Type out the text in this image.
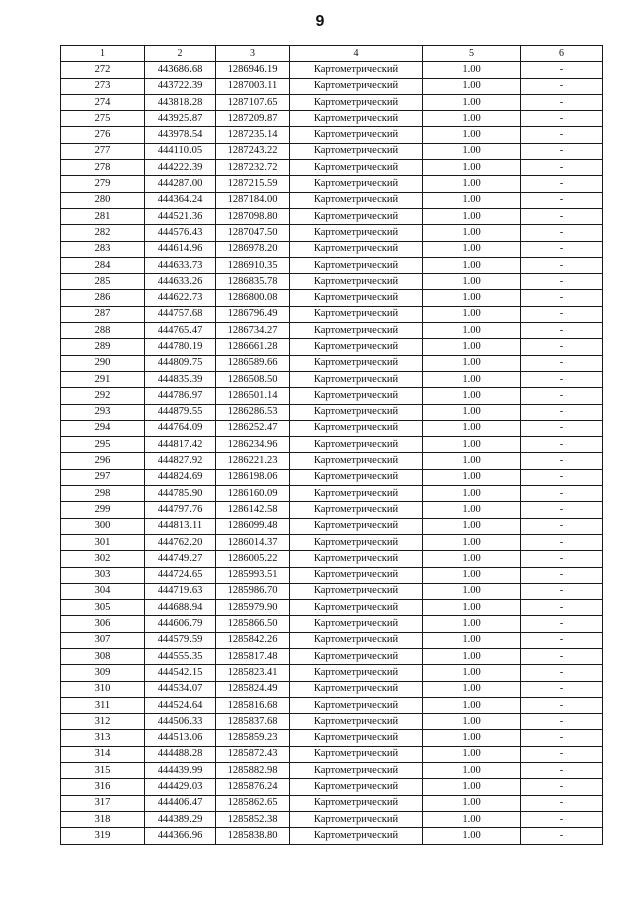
9
1	2	3	4	5	6
272	443686.68	1286946.19	Картометрический	1.00	-
273	443722.39	1287003.11	Картометрический	1.00	-
274	443818.28	1287107.65	Картометрический	1.00	-
275	443925.87	1287209.87	Картометрический	1.00	-
276	443978.54	1287235.14	Картометрический	1.00	-
277	444110.05	1287243.22	Картометрический	1.00	-
278	444222.39	1287232.72	Картометрический	1.00	-
279	444287.00	1287215.59	Картометрический	1.00	-
280	444364.24	1287184.00	Картометрический	1.00	-
281	444521.36	1287098.80	Картометрический	1.00	-
282	444576.43	1287047.50	Картометрический	1.00	-
283	444614.96	1286978.20	Картометрический	1.00	-
284	444633.73	1286910.35	Картометрический	1.00	-
285	444633.26	1286835.78	Картометрический	1.00	-
286	444622.73	1286800.08	Картометрический	1.00	-
287	444757.68	1286796.49	Картометрический	1.00	-
288	444765.47	1286734.27	Картометрический	1.00	-
289	444780.19	1286661.28	Картометрический	1.00	-
290	444809.75	1286589.66	Картометрический	1.00	-
291	444835.39	1286508.50	Картометрический	1.00	-
292	444786.97	1286501.14	Картометрический	1.00	-
293	444879.55	1286286.53	Картометрический	1.00	-
294	444764.09	1286252.47	Картометрический	1.00	-
295	444817.42	1286234.96	Картометрический	1.00	-
296	444827.92	1286221.23	Картометрический	1.00	-
297	444824.69	1286198.06	Картометрический	1.00	-
298	444785.90	1286160.09	Картометрический	1.00	-
299	444797.76	1286142.58	Картометрический	1.00	-
300	444813.11	1286099.48	Картометрический	1.00	-
301	444762.20	1286014.37	Картометрический	1.00	-
302	444749.27	1286005.22	Картометрический	1.00	-
303	444724.65	1285993.51	Картометрический	1.00	-
304	444719.63	1285986.70	Картометрический	1.00	-
305	444688.94	1285979.90	Картометрический	1.00	-
306	444606.79	1285866.50	Картометрический	1.00	-
307	444579.59	1285842.26	Картометрический	1.00	-
308	444555.35	1285817.48	Картометрический	1.00	-
309	444542.15	1285823.41	Картометрический	1.00	-
310	444534.07	1285824.49	Картометрический	1.00	-
311	444524.64	1285816.68	Картометрический	1.00	-
312	444506.33	1285837.68	Картометрический	1.00	-
313	444513.06	1285859.23	Картометрический	1.00	-
314	444488.28	1285872.43	Картометрический	1.00	-
315	444439.99	1285882.98	Картометрический	1.00	-
316	444429.03	1285876.24	Картометрический	1.00	-
317	444406.47	1285862.65	Картометрический	1.00	-
318	444389.29	1285852.38	Картометрический	1.00	-
319	444366.96	1285838.80	Картометрический	1.00	-
